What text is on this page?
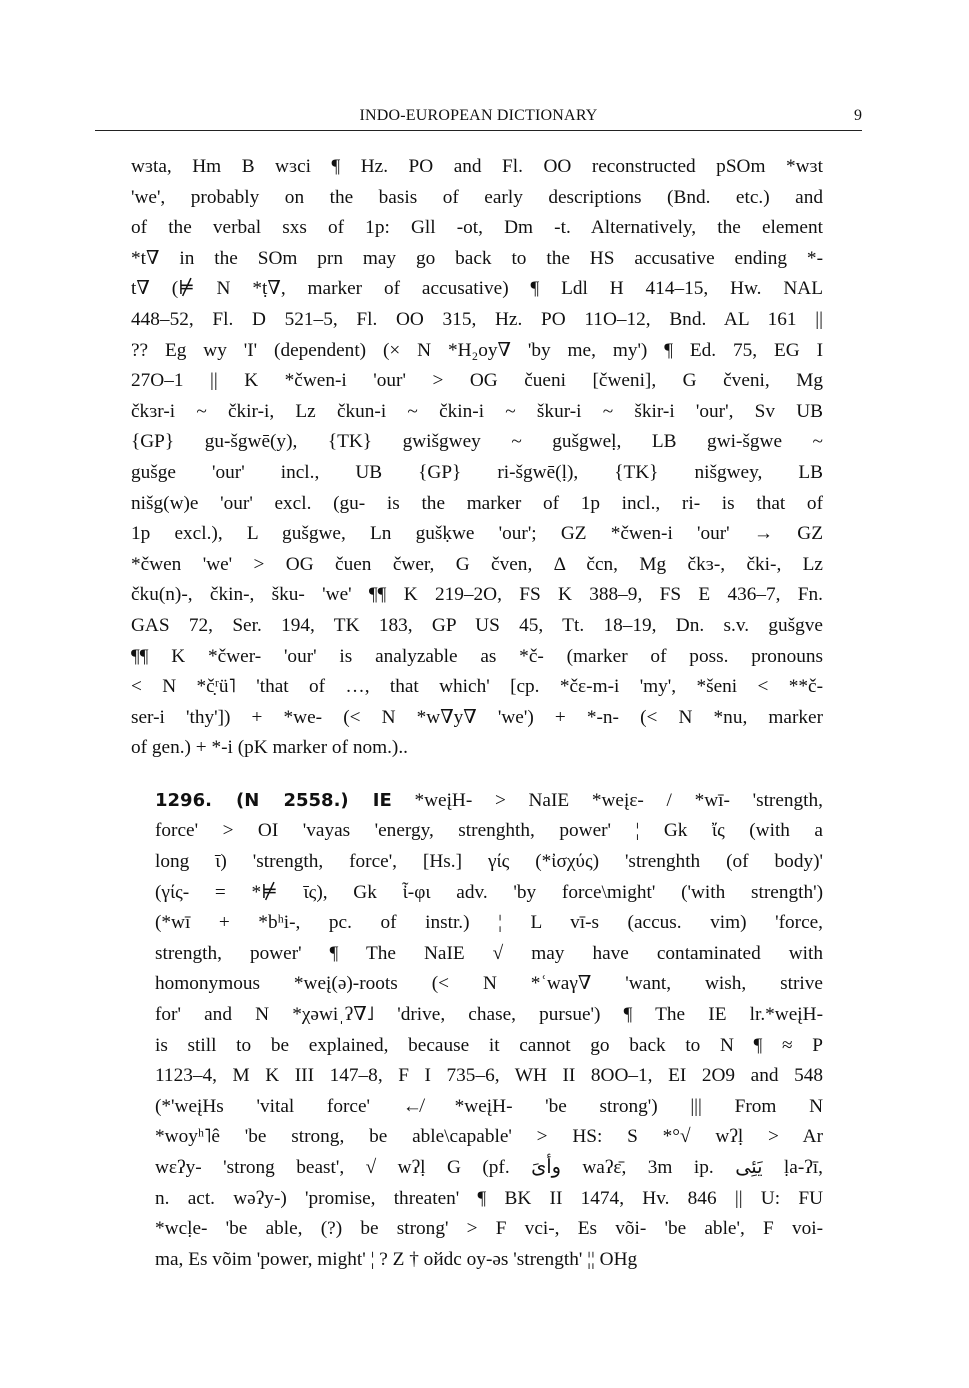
INDO-EUROPEAN DICTIONARY	9
wɜta, Hm B wɜci ¶ Hz. PO and Fl. OO reconstructed pSOm *wɜt
'we', probably on the basis of early descriptions (Bnd. etc.) and
of the verbal sxs of 1p: Gll -ot, Dm -t. Alternatively, the element
*t∇ in the SOm prn may go back to the HS accusative ending *-
t∇ (⊭ N *ṭ∇, marker of accusative) ¶ Ldl H 414–15, Hw. NAL
448–52, Fl. D 521–5, Fl. OO 315, Hz. PO 11O–12, Bnd. AL 161 ||
?? Eg wy 'I' (dependent) (× N *H₂oy∇ 'by me, my') ¶ Ed. 75, EG I
27O–1 || K *čwen-i 'our' > OG čueni [čweni], G čveni, Mg
čkɜr-i ~ čkir-i, Lz čkun-i ~ čkin-i ~ škur-i ~ škir-i 'our', Sv UB
{GP} gu-šgwē(y), {TK} gwišgwey ~ gušgweḷ, LB gwi-šgwe ~
gušge 'our' incl., UB {GP} ri-šgwē(ḷ), {TK} nišgwey, LB
nišg(w)e 'our' excl. (gu- is the marker of 1p incl., ri- is that of
1p excl.), L gušgwe, Ln gušḳwe 'our'; GZ *čwen-i 'our' → GZ
*čwen 'we' > OG čuen čwer, G čven, Δ čcn, Mg čkɜ-, čki-, Lz
čku(n)-, čkin-, šku- 'we' ¶¶ K 219–2O, FS K 388–9, FS E 436–7, Fn.
GAS 72, Ser. 194, TK 183, GP US 45, Tt. 18–19, Dn. s.v. gušgve
¶¶ K *čwer- 'our' is analyzable as *č- (marker of poss. pronouns
< N *č̣ʳü˥ 'that of …, that which' [cp. *čɛ-m-i 'my', *šeni < **č-
ser-i 'thy']) + *we- (< N *w∇y∇ 'we') + *-n- (< N *nu, marker
of gen.) + *-i (pK marker of nom.)..
1296. (N 2558.) IE *weįH- > NaIE *weįɛ- / *wī- 'strength,
force' > OI 'vayas 'energy, strenghth, power' ¦ Gk ἴς (with a
long ῑ) 'strength, force', [Hs.] γίς (*ἰσχύς) 'strenghth (of body)'
(γίς- = *⊭ ῑς), Gk ἶ-φι adv. 'by force\might' ('with strength')
(*wī + *bʰi-, pc. of instr.) ¦ L vī-s (accus. vim) 'force,
strength, power' ¶ The NaIE √ may have contaminated with
homonymous *weį(ə)-roots (< N *ʿwaγ∇ 'want, wish, strive
for' and N *χəwiˌʔ∇˩ 'drive, chase, pursue') ¶ The IE lr.*weįH-
is still to be explained, because it cannot go back to N ¶ ≈ P
1123–4, M K III 147–8, F I 735–6, WH II 8OO–1, EI 2O9 and 548
(*'weįHs 'vital force' ↚ *weįH- 'be strong') ||| From N
*woyʰ˥ê 'be strong, be able\capable' > HS: S *°√ wʔḷ > Ar
wɛʔy- 'strong beast', √ wʔḷ G (pf. وأىَ waʔɛ̄, 3m ip. يَئِى ḷa-ʔī,
n. act. wəʔy-) 'promise, threaten' ¶ BK II 1474, Hv. 846 || U: FU
*wcḷe- 'be able, (?) be strong' > F vci-, Es või- 'be able', F voi-
ma, Es võim 'power, might' ¦ ? Z † oйdc oy-əs 'strength' ¦¦ OHg
